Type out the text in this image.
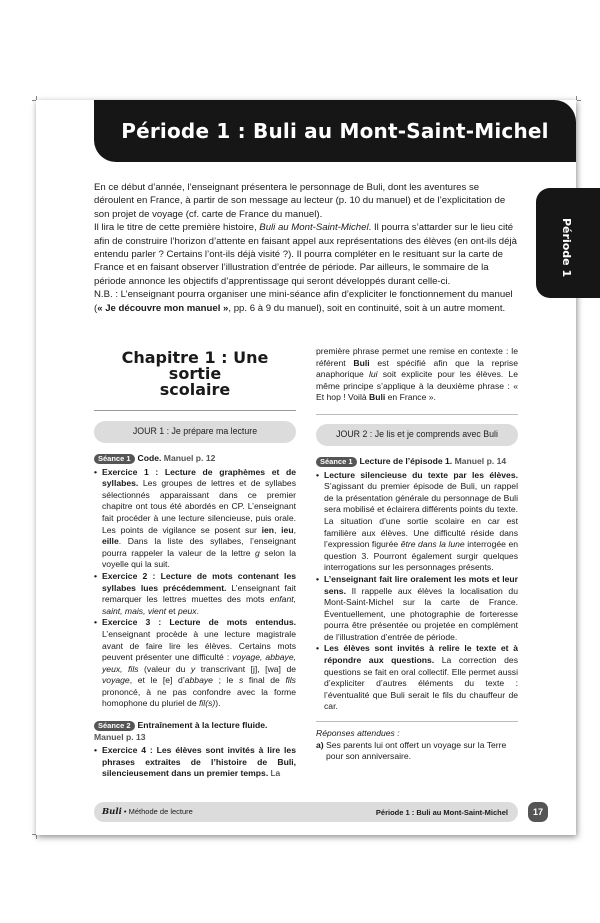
Période 1 : Buli au Mont-Saint-Michel
Période 1

En ce début d’année, l’enseignant présentera le personnage de Buli, dont les aventures se déroulent en France, à partir de son message au lecteur (p. 10 du manuel) et de l’explicitation de son projet de voyage (cf. carte de France du manuel).

Il lira le titre de cette première histoire, Buli au Mont-Saint-Michel. Il pourra s’attarder sur le lieu cité afin de construire l’horizon d’attente en faisant appel aux représentations des élèves (en ont-ils déjà entendu parler ? Certains l’ont-ils déjà visité ?). Il pourra compléter en le resituant sur la carte de France et en faisant observer l’illustration d’entrée de période. Par ailleurs, le sommaire de la période annonce les objectifs d’apprentissage qui seront développés durant celle-ci.

N.B. : L’enseignant pourra organiser une mini-séance afin d’expliciter le fonctionnement du manuel (« Je découvre mon manuel », pp. 6 à 9 du manuel), soit en continuité, soit à un autre moment.

Chapitre 1 : Une sortie
scolaire
JOUR 1 : Je prépare ma lecture
Séance 1 Code. Manuel p. 12
• Exercice 1 : Lecture de graphèmes et de syllabes. Les groupes de lettres et de syllabes sélectionnés apparaissant dans ce premier chapitre ont tous été abordés en CP. L’enseignant fait procéder à une lecture silencieuse, puis orale. Les points de vigilance se posent sur ien, ieu, eille. Dans la liste des syllabes, l’enseignant pourra rappeler la valeur de la lettre g selon la voyelle qui la suit.
• Exercice 2 : Lecture de mots contenant les syllabes lues précédemment. L’enseignant fait remarquer les lettres muettes des mots enfant, saint, mais, vient et peux.
• Exercice 3 : Lecture de mots entendus. L’enseignant procède à une lecture magistrale avant de faire lire les élèves. Certains mots peuvent présenter une difficulté : voyage, abbaye, yeux, fils (valeur du y transcrivant [j], [wa] de voyage, et le [e] d’abbaye ; le s final de fils prononcé, à ne pas confondre avec la forme homophone du pluriel de fil(s)).
Séance 2 Entraînement à la lecture fluide. Manuel p. 13
• Exercice 4 : Les élèves sont invités à lire les phrases extraites de l’histoire de Buli, silencieusement dans un premier temps. La
première phrase permet une remise en contexte : le référent Buli est spécifié afin que la reprise anaphorique lui soit explicite pour les élèves. Le même principe s’applique à la deuxième phrase : « Et hop ! Voilà Buli en France ».
JOUR 2 : Je lis et je comprends avec Buli
Séance 1 Lecture de l’épisode 1. Manuel p. 14
• Lecture silencieuse du texte par les élèves. S’agissant du premier épisode de Buli, un rappel de la présentation générale du personnage de Buli sera mobilisé et éclairera différents points du texte. La situation d’une sortie scolaire en car est familière aux élèves. Une difficulté réside dans l’expression figurée être dans la lune interrogée en question 3. Pourront également surgir quelques interrogations sur les personnages présents.
• L’enseignant fait lire oralement les mots et leur sens. Il rappelle aux élèves la localisation du Mont-Saint-Michel sur la carte de France. Éventuellement, une photographie de forteresse pourra être présentée ou projetée en complément de l’illustration d’entrée de période.
• Les élèves sont invités à relire le texte et à répondre aux questions. La correction des questions se fait en oral collectif. Elle permet aussi d’expliciter d’autres éléments du texte : l’éventualité que Buli serait le fils du chauffeur de car.
Réponses attendues :
a) Ses parents lui ont offert un voyage sur la Terre pour son anniversaire.
Buli • Méthode de lecture	Période 1 : Buli au Mont-Saint-Michel	17
